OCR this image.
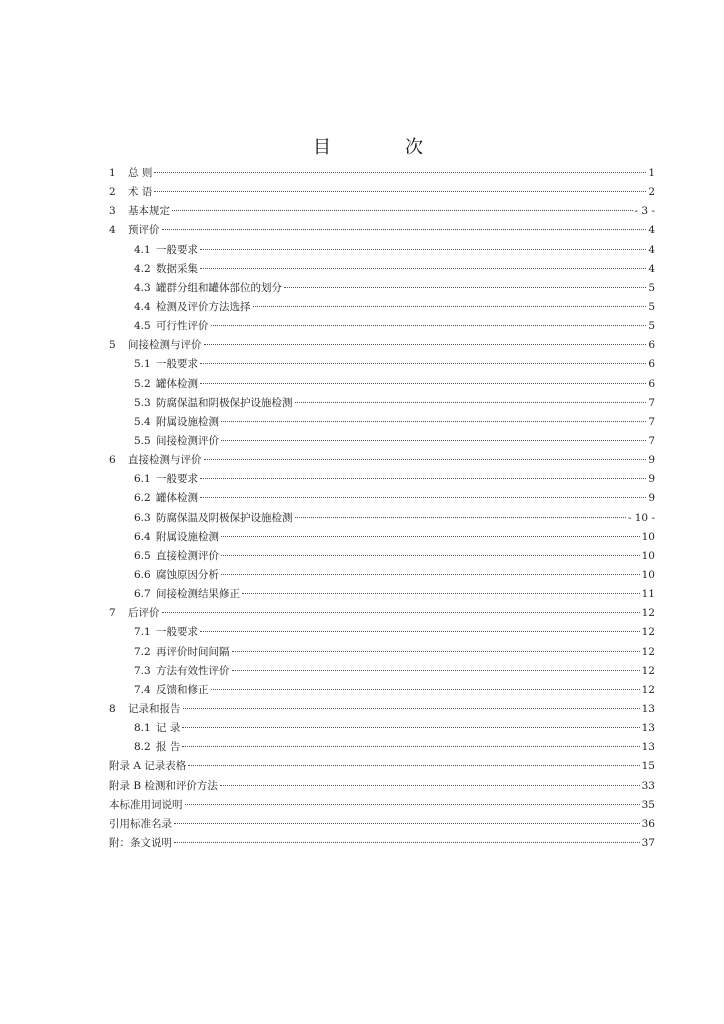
目　次
1	总 则	1
2	术 语	2
3	基本规定	- 3 -
4	预评价	4
4.1 一般要求	4
4.2 数据采集	4
4.3 罐群分组和罐体部位的划分	5
4.4 检测及评价方法选择	5
4.5 可行性评价	5
5	间接检测与评价	6
5.1 一般要求	6
5.2 罐体检测	6
5.3 防腐保温和阴极保护设施检测	7
5.4 附属设施检测	7
5.5 间接检测评价	7
6	直接检测与评价	9
6.1 一般要求	9
6.2 罐体检测	9
6.3 防腐保温及阴极保护设施检测	- 10 -
6.4 附属设施检测	10
6.5 直接检测评价	10
6.6 腐蚀原因分析	10
6.7 间接检测结果修正	11
7	后评价	12
7.1 一般要求	12
7.2 再评价时间间隔	12
7.3 方法有效性评价	12
7.4 反馈和修正	12
8	记录和报告	13
8.1 记 录	13
8.2 报 告	13
附录 A 记录表格	15
附录 B 检测和评价方法	33
本标准用词说明	35
引用标准名录	36
附：条文说明	37
